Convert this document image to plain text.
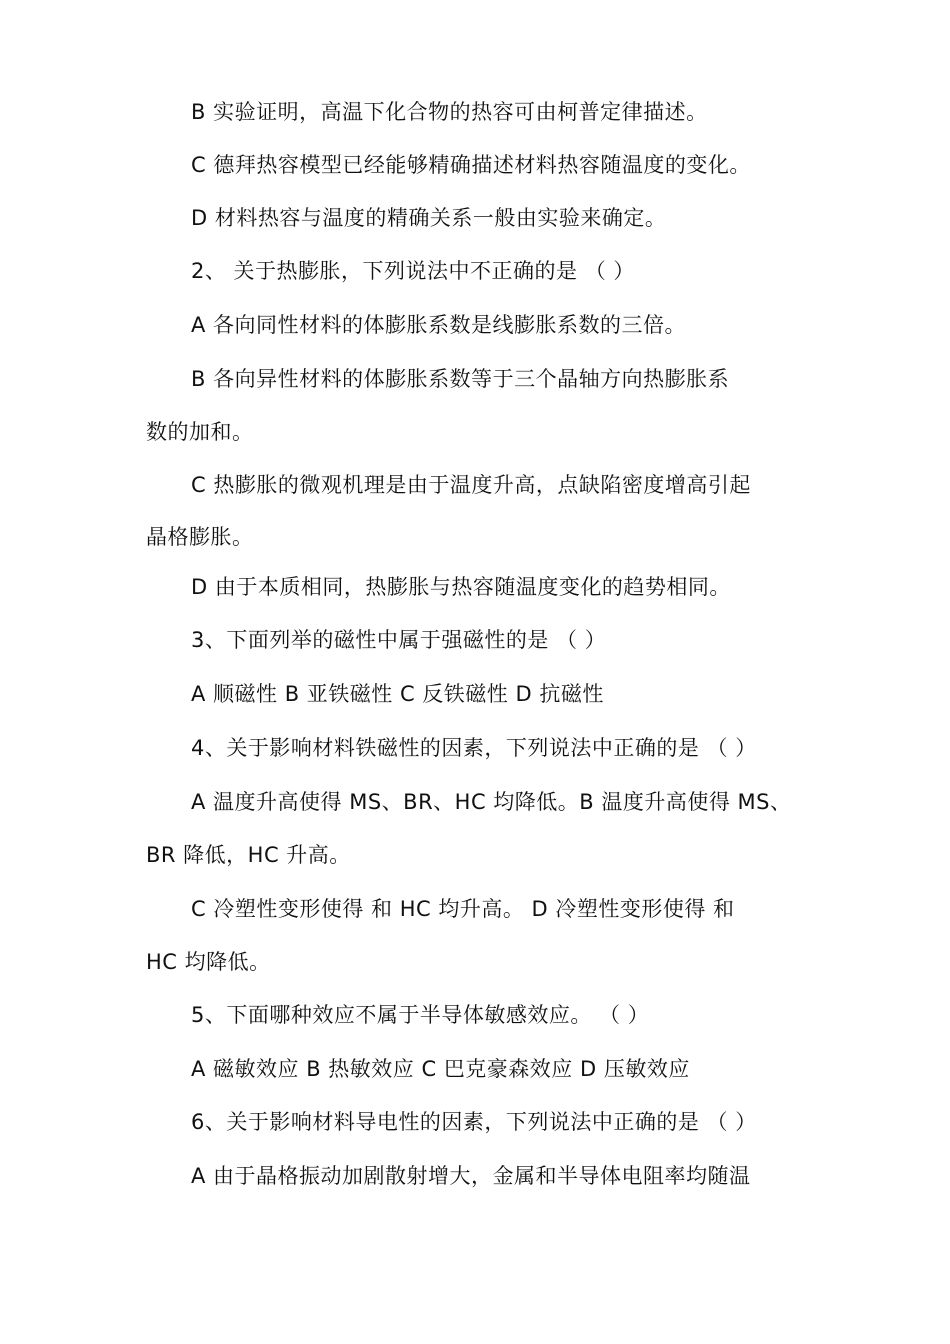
B 实验证明，高温下化合物的热容可由柯普定律描述。
C 德拜热容模型已经能够精确描述材料热容随温度的变化。
D 材料热容与温度的精确关系一般由实验来确定。
2、 关于热膨胀，下列说法中不正确的是 （ ）
A 各向同性材料的体膨胀系数是线膨胀系数的三倍。
B 各向异性材料的体膨胀系数等于三个晶轴方向热膨胀系
数的加和。
C 热膨胀的微观机理是由于温度升高，点缺陷密度增高引起
晶格膨胀。
D 由于本质相同，热膨胀与热容随温度变化的趋势相同。
3、下面列举的磁性中属于强磁性的是 （ ）
A 顺磁性 B 亚铁磁性 C 反铁磁性 D 抗磁性
4、关于影响材料铁磁性的因素，下列说法中正确的是 （ ）
A 温度升高使得 MS、BR、HC 均降低。B 温度升高使得 MS、
BR 降低，HC 升高。
C 冷塑性变形使得 和 HC 均升高。 D 冷塑性变形使得 和
HC 均降低。
5、下面哪种效应不属于半导体敏感效应。 （ ）
A 磁敏效应 B 热敏效应 C 巴克豪森效应 D 压敏效应
6、关于影响材料导电性的因素，下列说法中正确的是 （ ）
A 由于晶格振动加剧散射增大，金属和半导体电阻率均随温
